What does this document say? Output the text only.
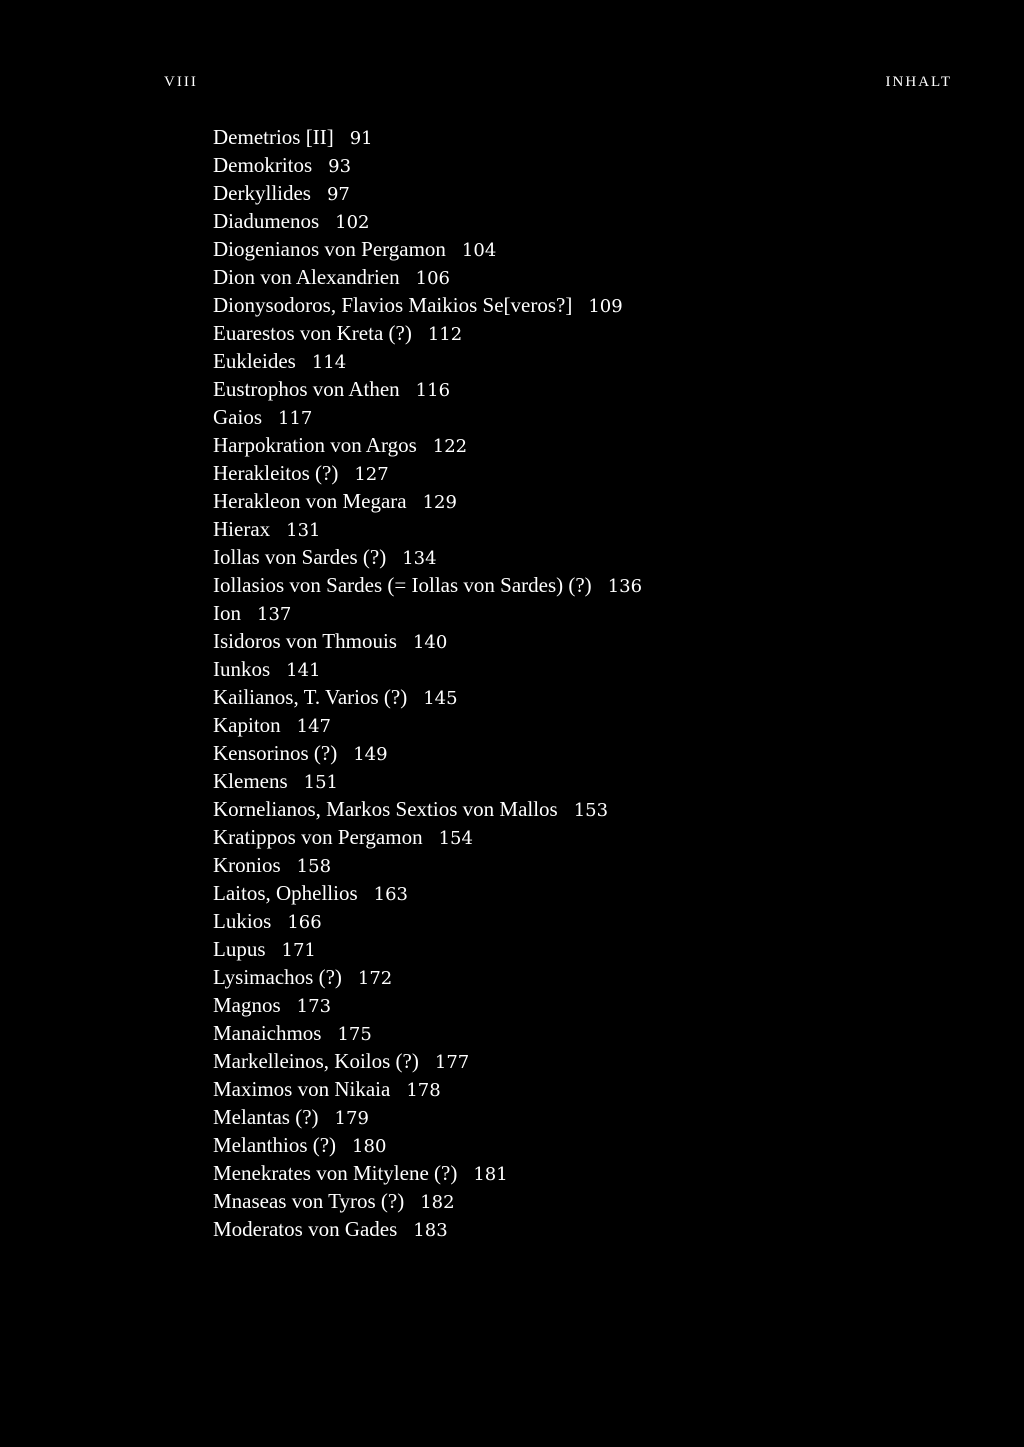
VIII	INHALT
Demetrios [II] 91
Demokritos 93
Derkyllides 97
Diadumenos 102
Diogenianos von Pergamon 104
Dion von Alexandrien 106
Dionysodoros, Flavios Maikios Se[veros?] 109
Euarestos von Kreta (?) 112
Eukleides 114
Eustrophos von Athen 116
Gaios 117
Harpokration von Argos 122
Herakleitos (?) 127
Herakleon von Megara 129
Hierax 131
Iollas von Sardes (?) 134
Iollasios von Sardes (= Iollas von Sardes) (?) 136
Ion 137
Isidoros von Thmouis 140
Iunkos 141
Kailianos, T. Varios (?) 145
Kapiton 147
Kensorinos (?) 149
Klemens 151
Kornelianos, Markos Sextios von Mallos 153
Kratippos von Pergamon 154
Kronios 158
Laitos, Ophellios 163
Lukios 166
Lupus 171
Lysimachos (?) 172
Magnos 173
Manaichmos 175
Markelleinos, Koilos (?) 177
Maximos von Nikaia 178
Melantas (?) 179
Melanthios (?) 180
Menekrates von Mitylene (?) 181
Mnaseas von Tyros (?) 182
Moderatos von Gades 183
